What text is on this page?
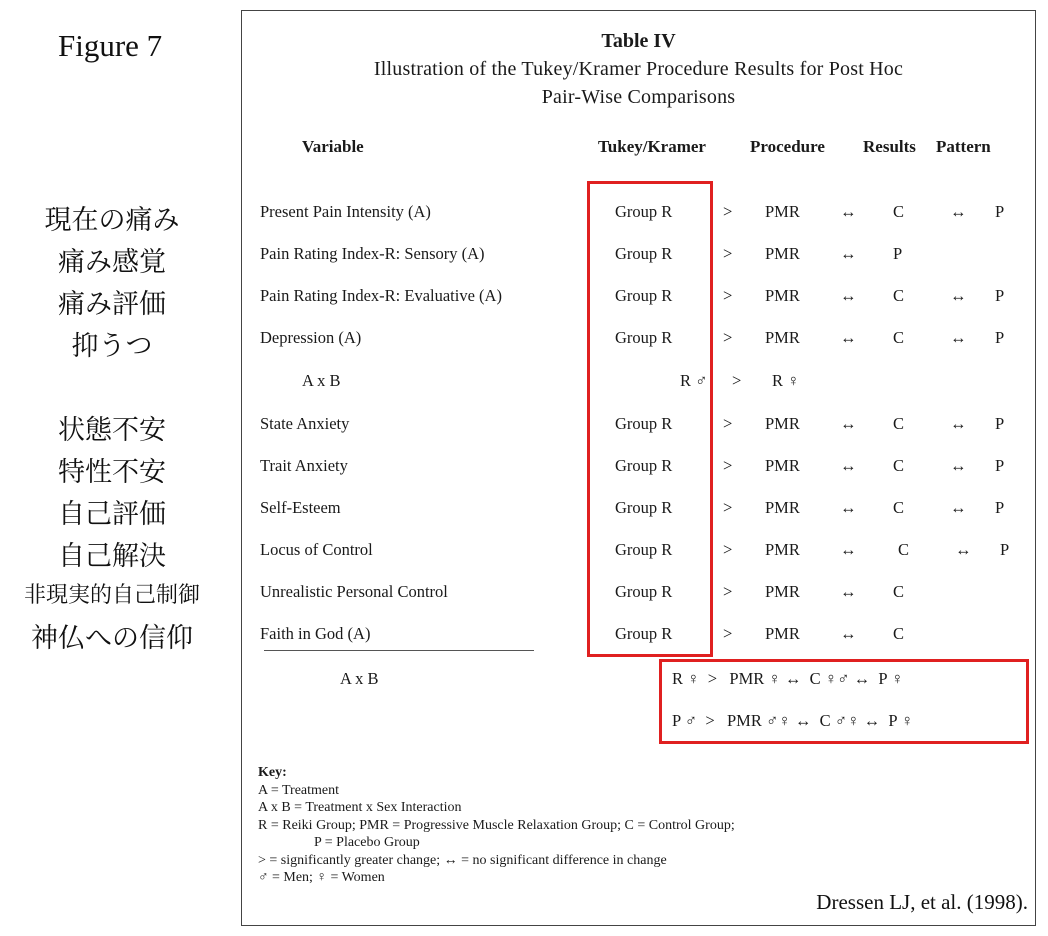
Figure 7
現在の痛み
痛み感覚
痛み評価
抑うつ
状態不安
特性不安
自己評価
自己解決
非現実的自己制御
神仏への信仰
Table IV
Illustration of the Tukey/Kramer Procedure Results for Post Hoc
Pair-Wise Comparisons
Variable	Tukey/Kramer	Procedure Results Pattern
Present Pain Intensity (A)	Group R	> PMR ↔ C	↔ P
Pain Rating Index-R: Sensory (A)	Group R	> PMR ↔ P
Pain Rating Index-R: Evaluative (A)	Group R	> PMR ↔ C	↔ P
Depression (A)	Group R	> PMR ↔ C	↔ P
A x B	R ♂ > R ♀
State Anxiety	Group R	> PMR ↔ C	↔ P
Trait Anxiety	Group R	> PMR ↔ C	↔ P
Self-Esteem	Group R	> PMR ↔ C	↔ P
Locus of Control	Group R	> PMR ↔	C	↔ P
Unrealistic Personal Control	Group R	> PMR ↔ C
Faith in God (A)	Group R	> PMR ↔ C
A x B	R ♀  >   PMR ♀ ↔  C ♀♂ ↔  P ♀
P ♂  >   PMR ♂♀ ↔  C ♂♀ ↔  P ♀
Key:
A = Treatment
A x B = Treatment x Sex Interaction
R = Reiki Group; PMR = Progressive Muscle Relaxation Group; C = Control Group;
P = Placebo Group
> = significantly greater change; ↔ = no significant difference in change
♂ = Men; ♀ = Women
Dressen LJ, et al. (1998).
